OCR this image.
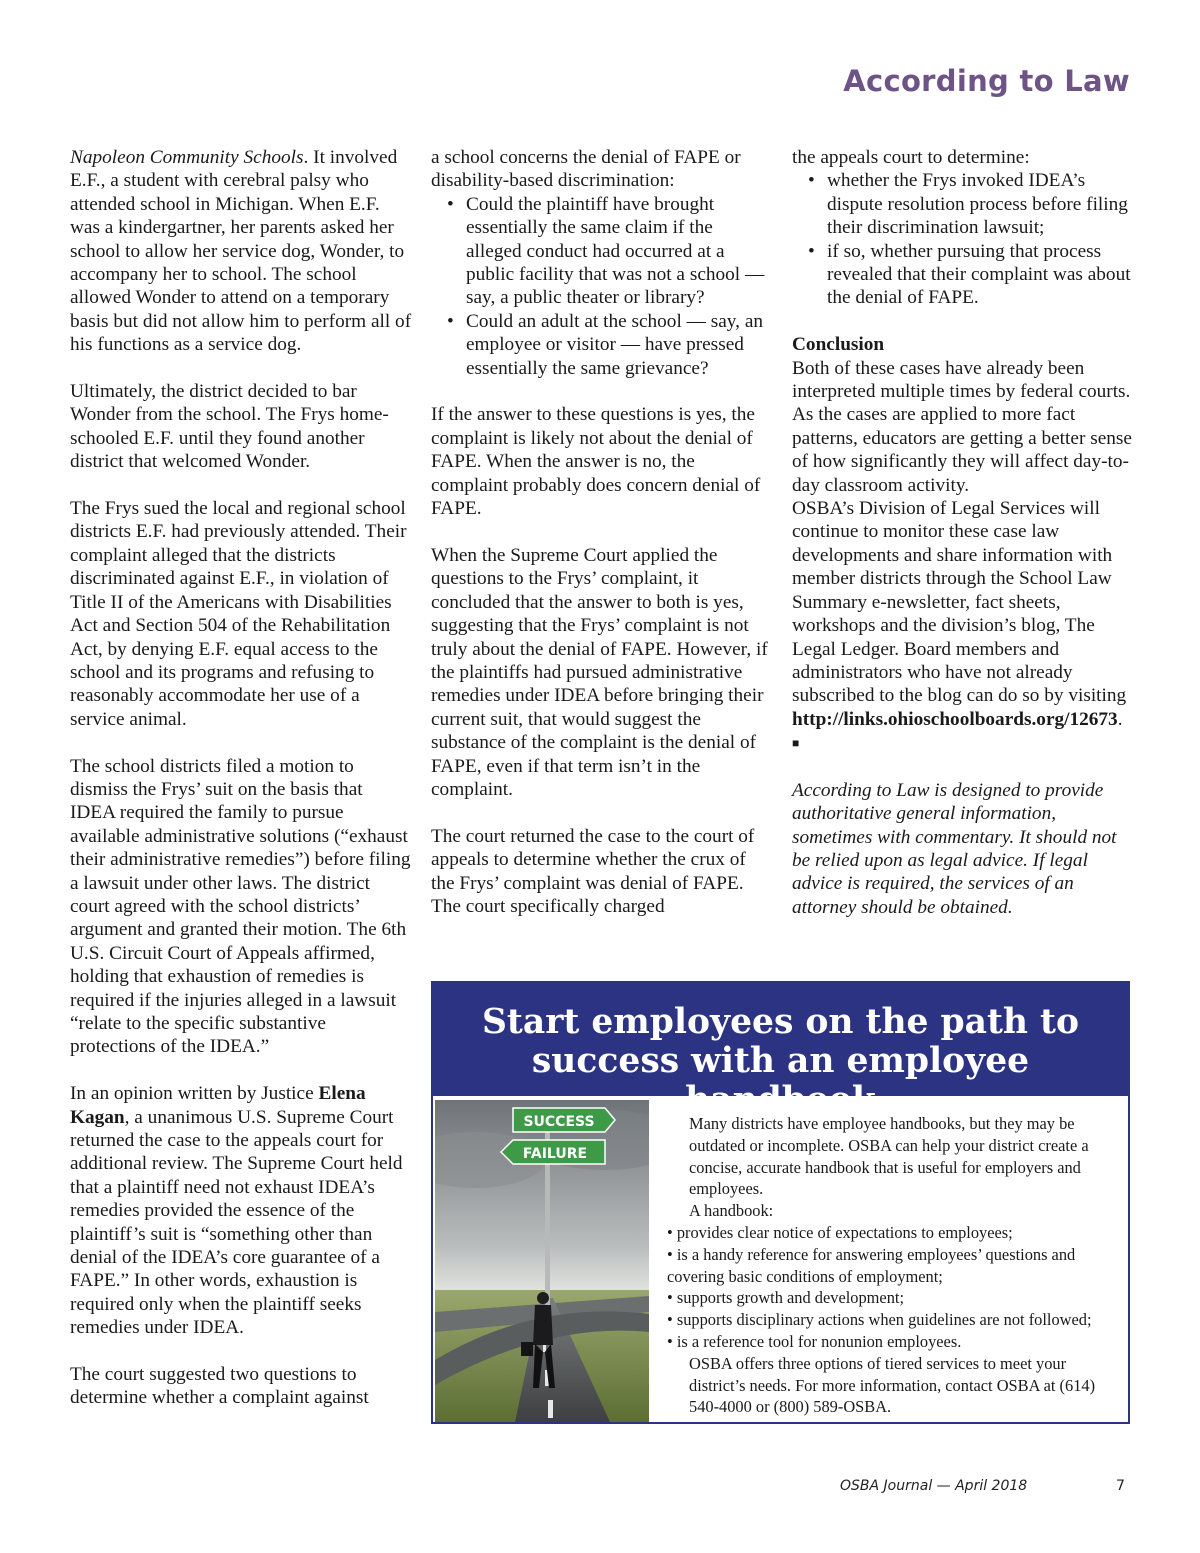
According to Law

Napoleon Community Schools. It involved E.F., a student with cerebral palsy who attended school in Michigan. When E.F. was a kindergartner, her parents asked her school to allow her service dog, Wonder, to accompany her to school. The school allowed Wonder to attend on a temporary basis but did not allow him to perform all of his functions as a service dog.

Ultimately, the district decided to bar Wonder from the school. The Frys home-schooled E.F. until they found another district that welcomed Wonder.

The Frys sued the local and regional school districts E.F. had previously attended. Their complaint alleged that the districts discriminated against E.F., in violation of Title II of the Americans with Disabilities Act and Section 504 of the Rehabilitation Act, by denying E.F. equal access to the school and its programs and refusing to reasonably accommodate her use of a service animal.

The school districts filed a motion to dismiss the Frys’ suit on the basis that IDEA required the family to pursue available administrative solutions (“exhaust their administrative remedies”) before filing a lawsuit under other laws. The district court agreed with the school districts’ argument and granted their motion. The 6th U.S. Circuit Court of Appeals affirmed, holding that exhaustion of remedies is required if the injuries alleged in a lawsuit “relate to the specific substantive protections of the IDEA.”

In an opinion written by Justice Elena Kagan, a unanimous U.S. Supreme Court returned the case to the appeals court for additional review. The Supreme Court held that a plaintiff need not exhaust IDEA’s remedies provided the essence of the plaintiff’s suit is “something other than denial of the IDEA’s core guarantee of a FAPE.” In other words, exhaustion is required only when the plaintiff seeks remedies under IDEA.

The court suggested two questions to determine whether a complaint against

a school concerns the denial of FAPE or disability-based discrimination:

• Could the plaintiff have brought essentially the same claim if the alleged conduct had occurred at a public facility that was not a school — say, a public theater or library?
• Could an adult at the school — say, an employee or visitor — have pressed essentially the same grievance?

If the answer to these questions is yes, the complaint is likely not about the denial of FAPE. When the answer is no, the complaint probably does concern denial of FAPE.

When the Supreme Court applied the questions to the Frys’ complaint, it concluded that the answer to both is yes, suggesting that the Frys’ complaint is not truly about the denial of FAPE. However, if the plaintiffs had pursued administrative remedies under IDEA before bringing their current suit, that would suggest the substance of the complaint is the denial of FAPE, even if that term isn’t in the complaint.

The court returned the case to the court of appeals to determine whether the crux of the Frys’ complaint was denial of FAPE. The court specifically charged

the appeals court to determine:

• whether the Frys invoked IDEA’s dispute resolution process before filing their discrimination lawsuit;
• if so, whether pursuing that process revealed that their complaint was about the denial of FAPE.
Conclusion
Both of these cases have already been interpreted multiple times by federal courts. As the cases are applied to more fact patterns, educators are getting a better sense of how significantly they will affect day-to-day classroom activity.

OSBA’s Division of Legal Services will continue to monitor these case law developments and share information with member districts through the School Law Summary e-newsletter, fact sheets, workshops and the division’s blog, The Legal Ledger. Board members and administrators who have not already subscribed to the blog can do so by visiting http://links.ohioschoolboards.org/12673. ■

According to Law is designed to provide authoritative general information, sometimes with commentary. It should not be relied upon as legal advice. If legal advice is required, the services of an attorney should be obtained.

Start employees on the path to
success with an employee handbook
SUCCESS
FAILURE
Many districts have employee handbooks, but they may be outdated or incomplete. OSBA can help your district create a concise, accurate handbook that is useful for employers and employees.
A handbook:
• provides clear notice of expectations to employees;
• is a handy reference for answering employees’ questions and covering basic conditions of employment;
• supports growth and development;
• supports disciplinary actions when guidelines are not followed;
• is a reference tool for nonunion employees.
OSBA offers three options of tiered services to meet your district’s needs. For more information, contact OSBA at (614) 540-4000 or (800) 589-OSBA.
OSBA Journal — April 2018	7
